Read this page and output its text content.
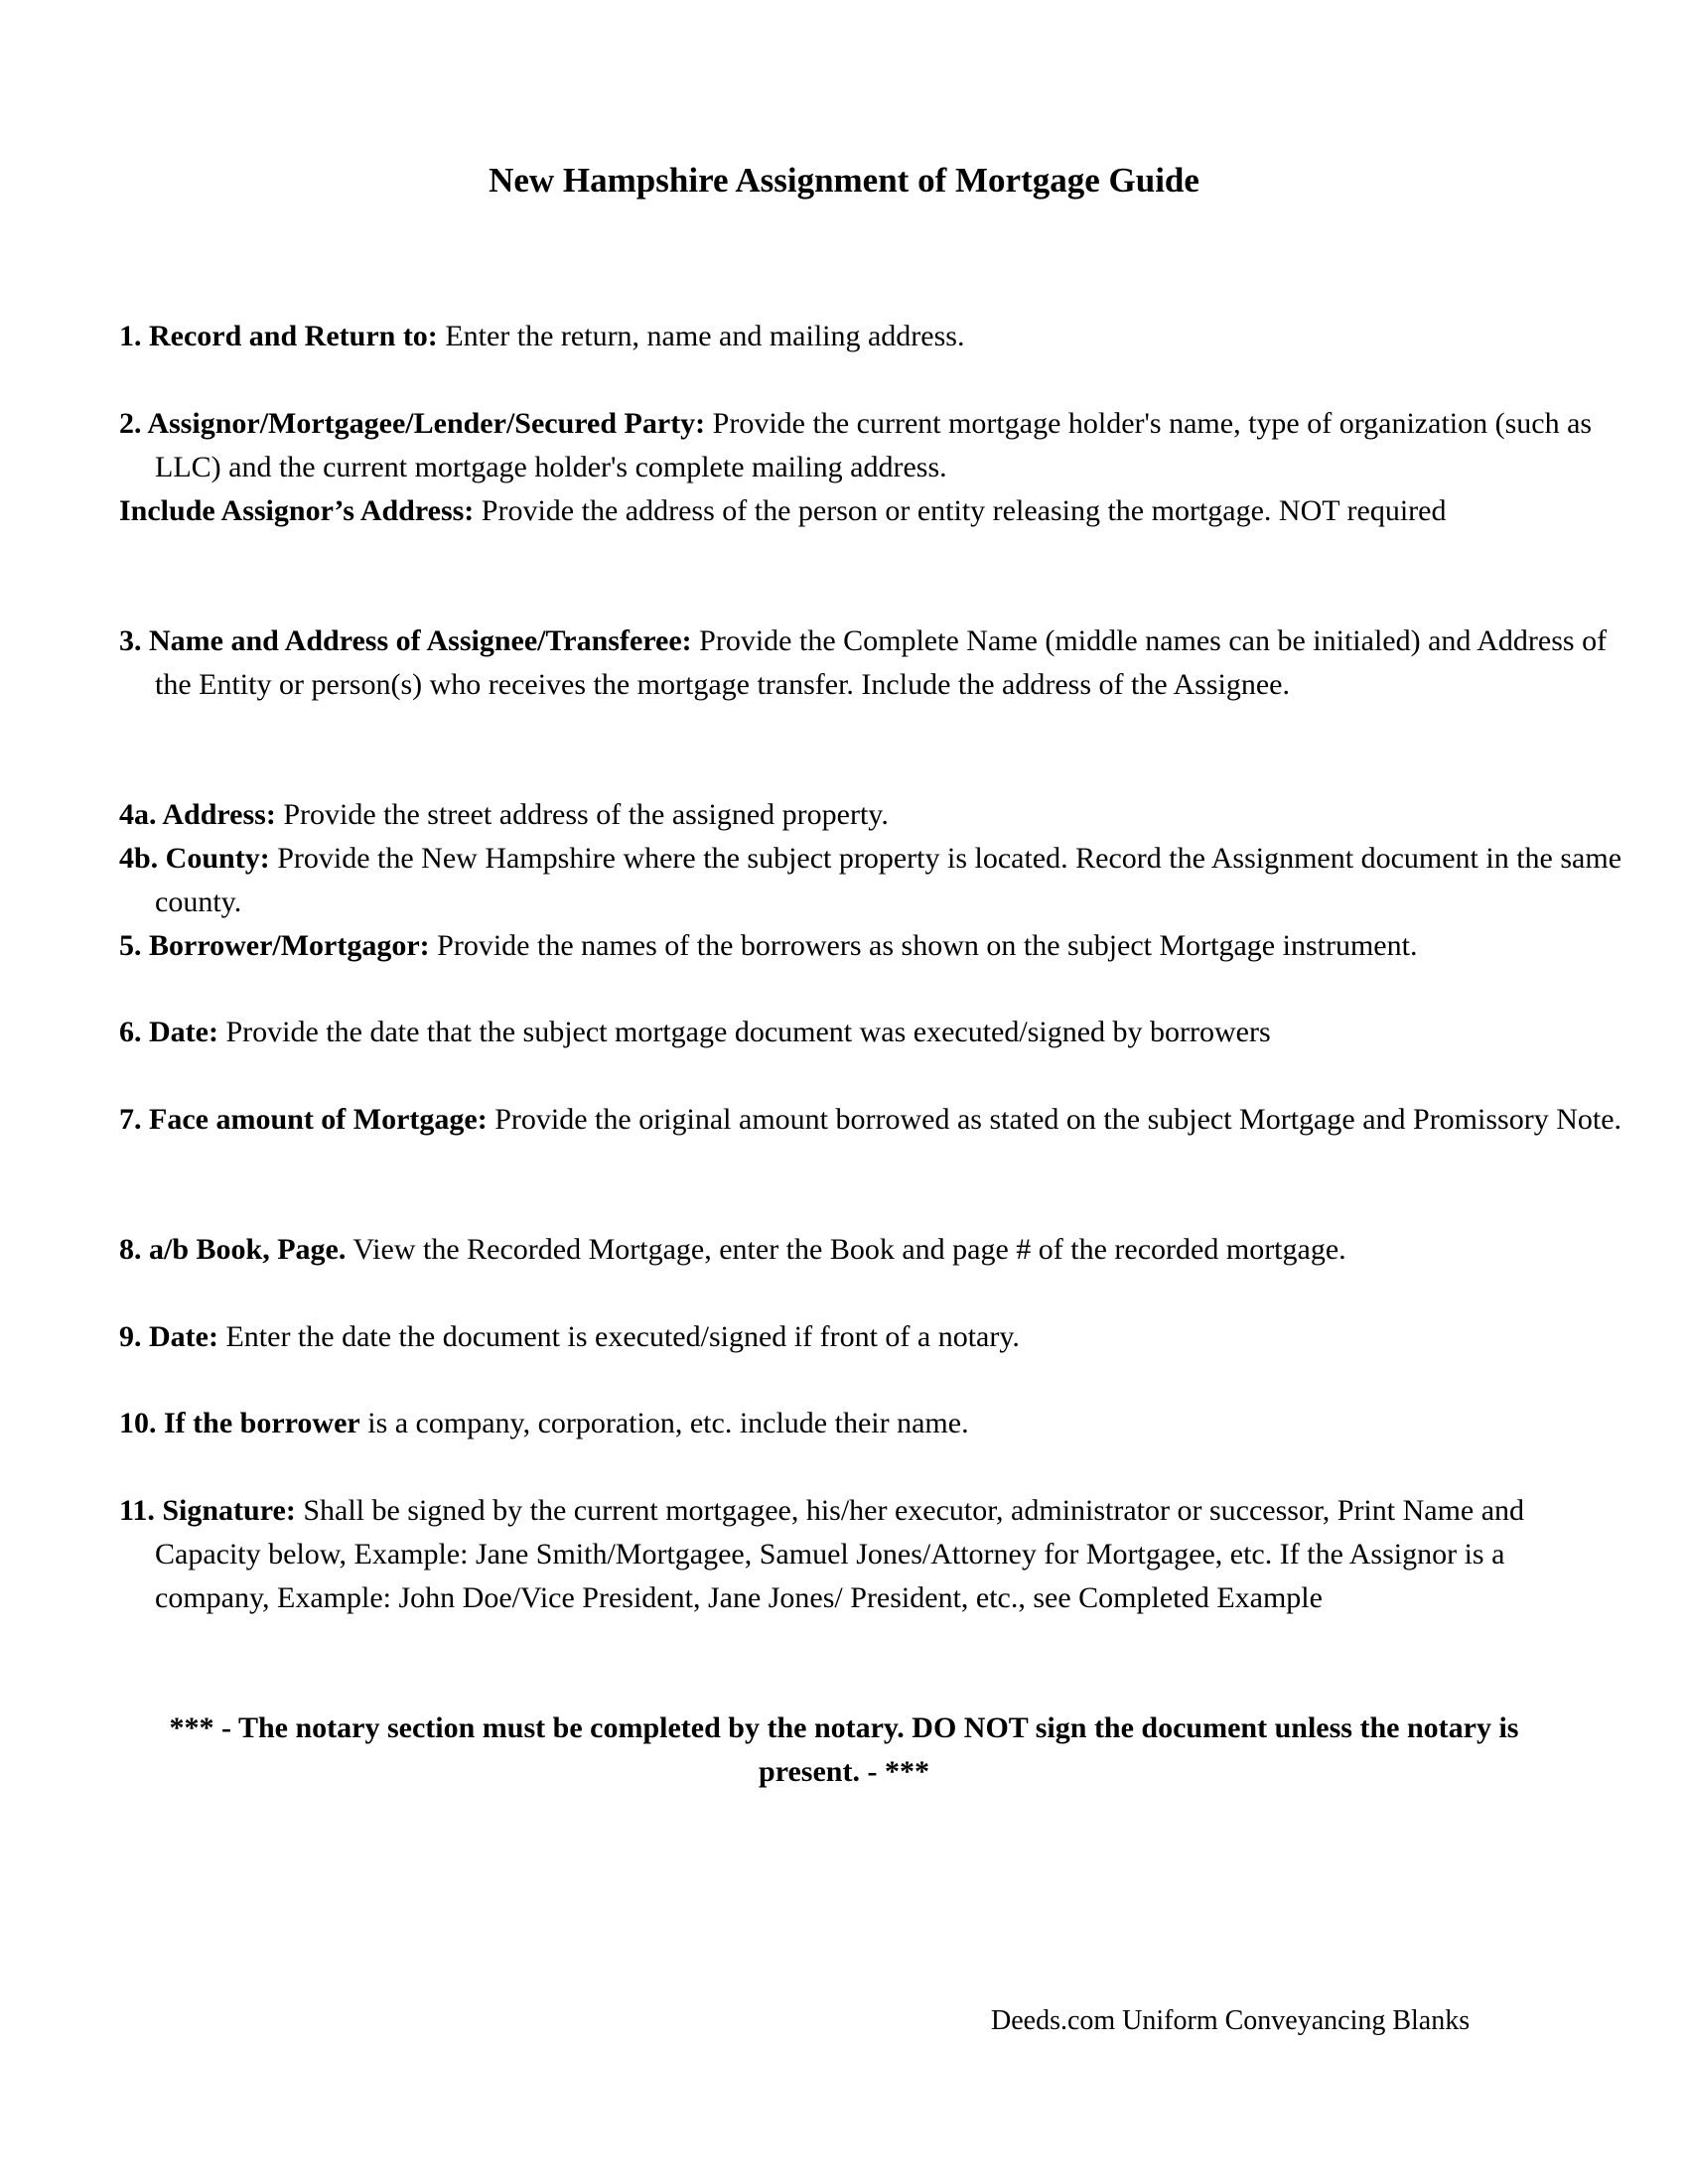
New Hampshire Assignment of Mortgage Guide

1. Record and Return to: Enter the return, name and mailing address.

2. Assignor/Mortgagee/Lender/Secured Party: Provide the current mortgage holder's name, type of organization (such as LLC) and the current mortgage holder's complete mailing address.

Include Assignor’s Address: Provide the address of the person or entity releasing the mortgage. NOT required

3. Name and Address of Assignee/Transferee: Provide the Complete Name (middle names can be initialed) and Address of the Entity or person(s) who receives the mortgage transfer. Include the address of the Assignee.

4a. Address: Provide the street address of the assigned property.

4b. County: Provide the New Hampshire where the subject property is located. Record the Assignment document in the same county.

5. Borrower/Mortgagor: Provide the names of the borrowers as shown on the subject Mortgage instrument.

6. Date: Provide the date that the subject mortgage document was executed/signed by borrowers

7. Face amount of Mortgage: Provide the original amount borrowed as stated on the subject Mortgage and Promissory Note.

8. a/b Book, Page. View the Recorded Mortgage, enter the Book and page # of the recorded mortgage.

9. Date: Enter the date the document is executed/signed if front of a notary.

10. If the borrower is a company, corporation, etc. include their name.

11. Signature: Shall be signed by the current mortgagee, his/her executor, administrator or successor, Print Name and Capacity below, Example: Jane Smith/Mortgagee, Samuel Jones/Attorney for Mortgagee, etc. If the Assignor is a company, Example: John Doe/Vice President, Jane Jones/ President, etc., see Completed Example

*** - The notary section must be completed by the notary. DO NOT sign the document unless the notary is present. - ***

Deeds.com Uniform Conveyancing Blanks
